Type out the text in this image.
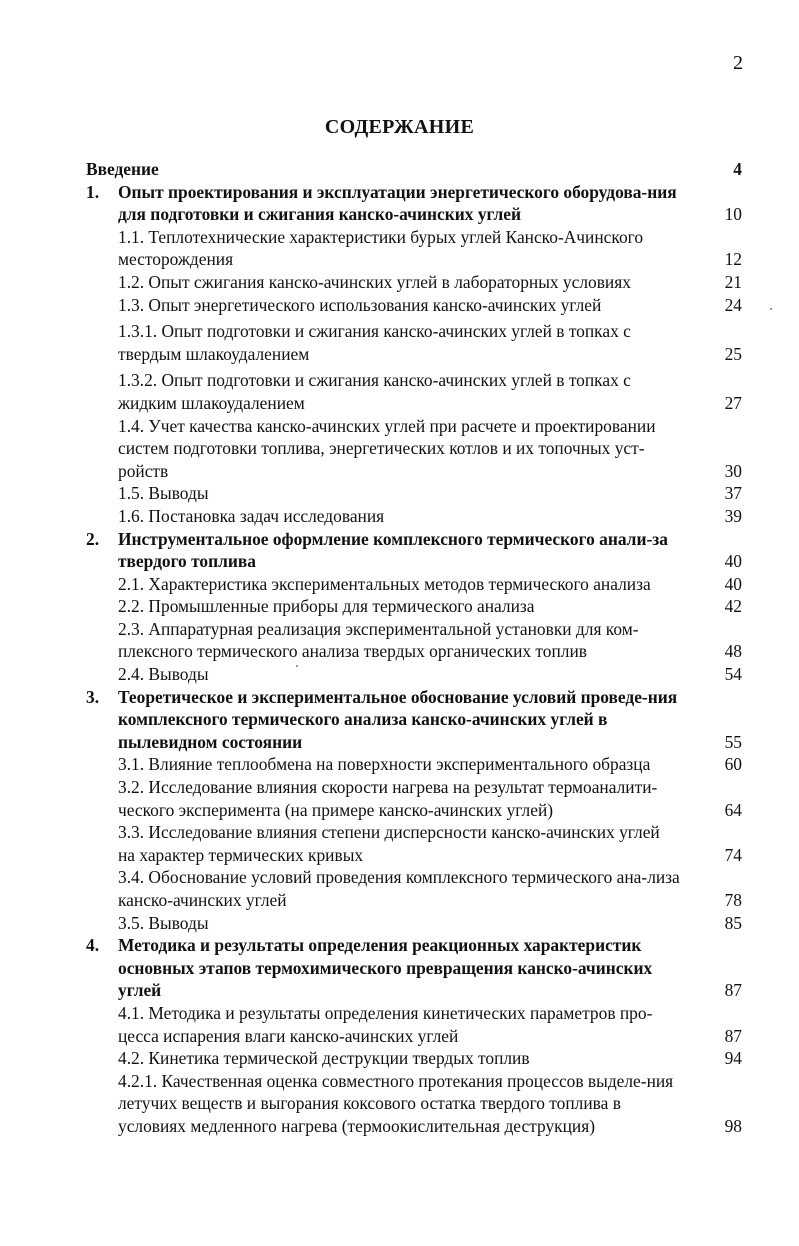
2
СОДЕРЖАНИЕ
Введение	4
1. Опыт проектирования и эксплуатации энергетического оборудова-ния для подготовки и сжигания канско-ачинских углей	10
1.1. Теплотехнические характеристики бурых углей Канско-Ачинского месторождения	12
1.2. Опыт сжигания канско-ачинских углей в лабораторных условиях	21
1.3. Опыт энергетического использования канско-ачинских углей	24
1.3.1. Опыт подготовки и сжигания канско-ачинских углей в топках с твердым шлакоудалением	25
1.3.2. Опыт подготовки и сжигания канско-ачинских углей в топках с жидким шлакоудалением	27
1.4. Учет качества канско-ачинских углей при расчете и проектировании систем подготовки топлива, энергетических котлов и их топочных уст-ройств	30
1.5. Выводы	37
1.6. Постановка задач исследования	39
2. Инструментальное оформление комплексного термического анали-за твердого топлива	40
2.1. Характеристика экспериментальных методов термического анализа	40
2.2. Промышленные приборы для термического анализа	42
2.3. Аппаратурная реализация экспериментальной установки для ком-плексного термического анализа твердых органических топлив	48
2.4. Выводы	54
3. Теоретическое и экспериментальное обоснование условий проведе-ния комплексного термического анализа канско-ачинских углей в пылевидном состоянии	55
3.1. Влияние теплообмена на поверхности экспериментального образца	60
3.2. Исследование влияния скорости нагрева на результат термоаналити-ческого эксперимента (на примере канско-ачинских углей)	64
3.3. Исследование влияния степени дисперсности канско-ачинских углей на характер термических кривых	74
3.4. Обоснование условий проведения комплексного термического ана-лиза канско-ачинских углей	78
3.5. Выводы	85
4. Методика и результаты определения реакционных характеристик основных этапов термохимического превращения канско-ачинских углей	87
4.1. Методика и результаты определения кинетических параметров про-цесса испарения влаги канско-ачинских углей	87
4.2. Кинетика термической деструкции твердых топлив	94
4.2.1. Качественная оценка совместного протекания процессов выделе-ния летучих веществ и выгорания коксового остатка твердого топлива в условиях медленного нагрева (термоокислительная деструкция)	98
